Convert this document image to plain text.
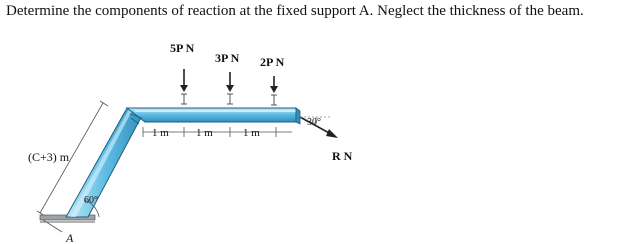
Determine the components of reaction at the fixed support A. Neglect the thickness of the beam.
5P N
3P N 2P N
1 m 1 m	1 m
(C+3) m
60°
30°
R N
A
